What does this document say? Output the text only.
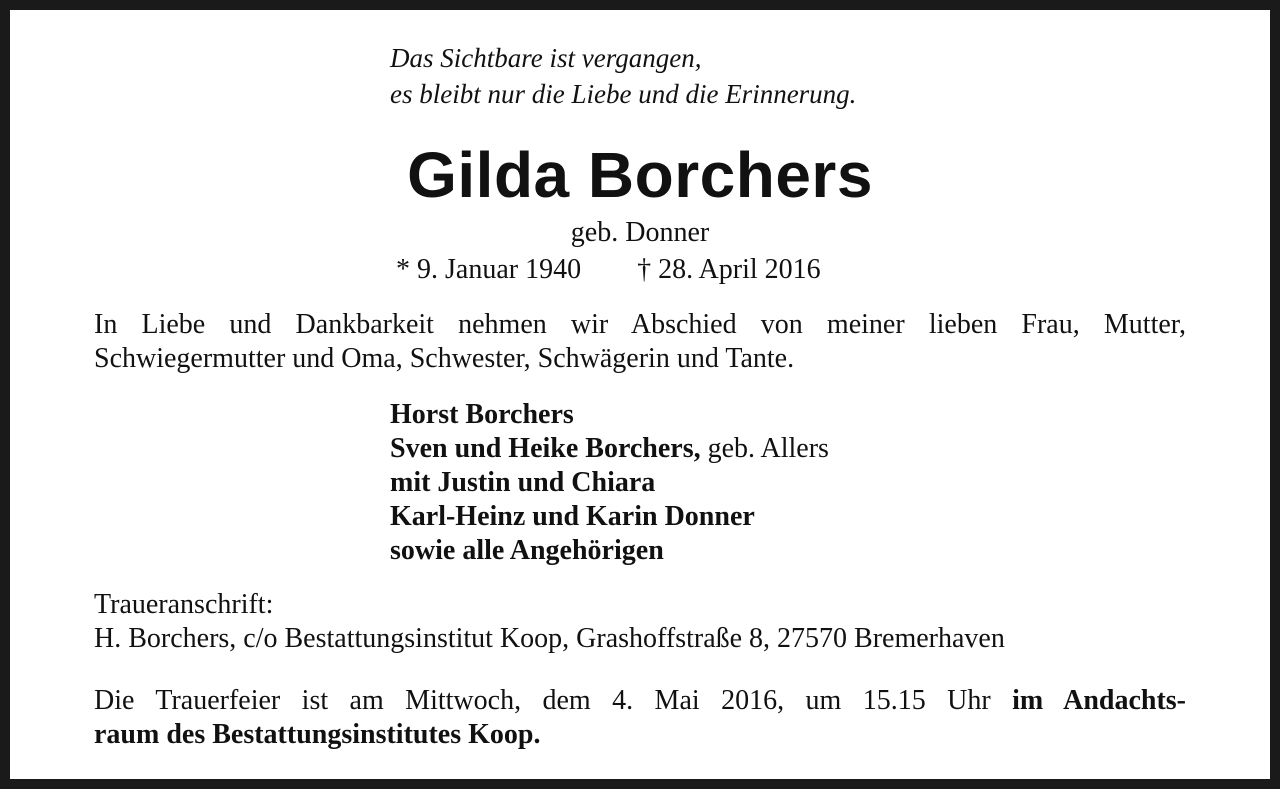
Das Sichtbare ist vergangen,
es bleibt nur die Liebe und die Erinnerung.
Gilda Borchers
geb. Donner
* 9. Januar 1940 † 28. April 2016
In Liebe und Dankbarkeit nehmen wir Abschied von meiner lieben Frau, Mutter,
Schwiegermutter und Oma, Schwester, Schwägerin und Tante.
Horst Borchers
Sven und Heike Borchers, geb. Allers
mit Justin und Chiara
Karl-Heinz und Karin Donner
sowie alle Angehörigen
Traueranschrift:
H. Borchers, c/o Bestattungsinstitut Koop, Grashoffstraße 8, 27570 Bremerhaven
Die Trauerfeier ist am Mittwoch, dem 4. Mai 2016, um 15.15 Uhr im Andachts-
raum des Bestattungsinstitutes Koop.
